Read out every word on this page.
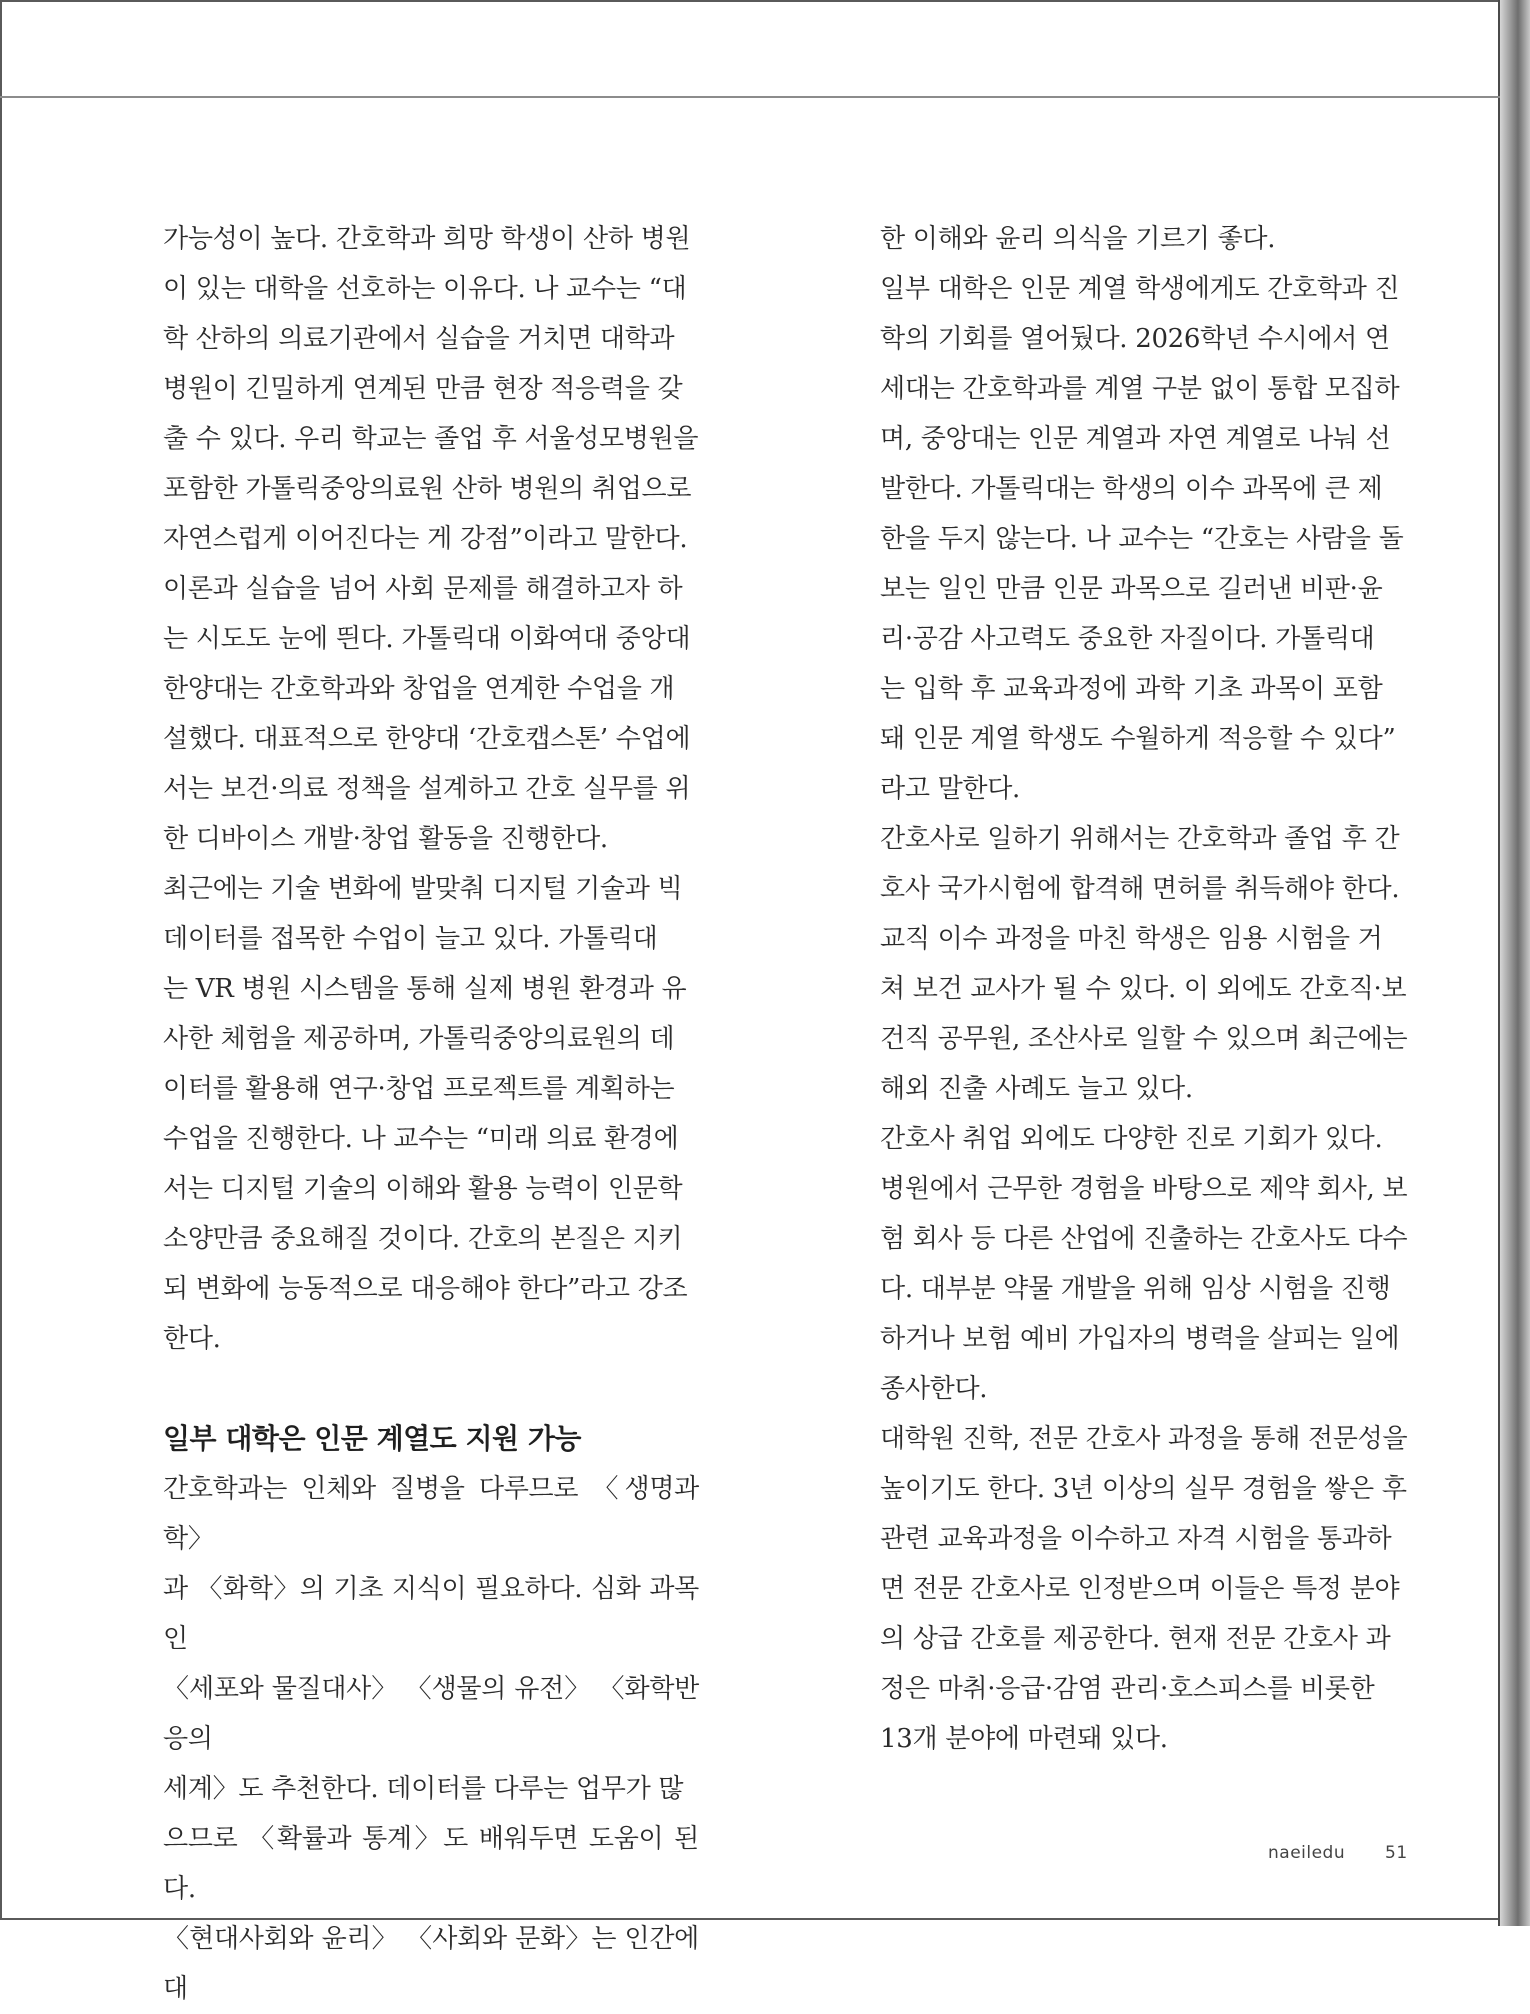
가능성이 높다. 간호학과 희망 학생이 산하 병원
이 있는 대학을 선호하는 이유다. 나 교수는 “대
학 산하의 의료기관에서 실습을 거치면 대학과
병원이 긴밀하게 연계된 만큼 현장 적응력을 갖
출 수 있다. 우리 학교는 졸업 후 서울성모병원을
포함한 가톨릭중앙의료원 산하 병원의 취업으로
자연스럽게 이어진다는 게 강점”이라고 말한다.

이론과 실습을 넘어 사회 문제를 해결하고자 하
는 시도도 눈에 띈다. 가톨릭대 이화여대 중앙대
한양대는 간호학과와 창업을 연계한 수업을 개
설했다. 대표적으로 한양대 ‘간호캡스톤’ 수업에
서는 보건·의료 정책을 설계하고 간호 실무를 위
한 디바이스 개발·창업 활동을 진행한다.

최근에는 기술 변화에 발맞춰 디지털 기술과 빅
데이터를 접목한 수업이 늘고 있다. 가톨릭대
는 VR 병원 시스템을 통해 실제 병원 환경과 유
사한 체험을 제공하며, 가톨릭중앙의료원의 데
이터를 활용해 연구·창업 프로젝트를 계획하는
수업을 진행한다. 나 교수는 “미래 의료 환경에
서는 디지털 기술의 이해와 활용 능력이 인문학
소양만큼 중요해질 것이다. 간호의 본질은 지키
되 변화에 능동적으로 대응해야 한다”라고 강조
한다.

일부 대학은 인문 계열도 지원 가능

간호학과는 인체와 질병을 다루므로 〈생명과학〉
과 〈화학〉의 기초 지식이 필요하다. 심화 과목인
〈세포와 물질대사〉 〈생물의 유전〉 〈화학반응의
세계〉도 추천한다. 데이터를 다루는 업무가 많
으므로 〈확률과 통계〉도 배워두면 도움이 된다.
〈현대사회와 윤리〉 〈사회와 문화〉는 인간에 대

한 이해와 윤리 의식을 기르기 좋다.

일부 대학은 인문 계열 학생에게도 간호학과 진
학의 기회를 열어뒀다. 2026학년 수시에서 연
세대는 간호학과를 계열 구분 없이 통합 모집하
며, 중앙대는 인문 계열과 자연 계열로 나눠 선
발한다. 가톨릭대는 학생의 이수 과목에 큰 제
한을 두지 않는다. 나 교수는 “간호는 사람을 돌
보는 일인 만큼 인문 과목으로 길러낸 비판·윤
리·공감 사고력도 중요한 자질이다. 가톨릭대
는 입학 후 교육과정에 과학 기초 과목이 포함
돼 인문 계열 학생도 수월하게 적응할 수 있다”
라고 말한다.

간호사로 일하기 위해서는 간호학과 졸업 후 간
호사 국가시험에 합격해 면허를 취득해야 한다.
교직 이수 과정을 마친 학생은 임용 시험을 거
쳐 보건 교사가 될 수 있다. 이 외에도 간호직·보
건직 공무원, 조산사로 일할 수 있으며 최근에는
해외 진출 사례도 늘고 있다.

간호사 취업 외에도 다양한 진로 기회가 있다.
병원에서 근무한 경험을 바탕으로 제약 회사, 보
험 회사 등 다른 산업에 진출하는 간호사도 다수
다. 대부분 약물 개발을 위해 임상 시험을 진행
하거나 보험 예비 가입자의 병력을 살피는 일에
종사한다.

대학원 진학, 전문 간호사 과정을 통해 전문성을
높이기도 한다. 3년 이상의 실무 경험을 쌓은 후
관련 교육과정을 이수하고 자격 시험을 통과하
면 전문 간호사로 인정받으며 이들은 특정 분야
의 상급 간호를 제공한다. 현재 전문 간호사 과
정은 마취·응급·감염 관리·호스피스를 비롯한
13개 분야에 마련돼 있다.

naeiledu 51
